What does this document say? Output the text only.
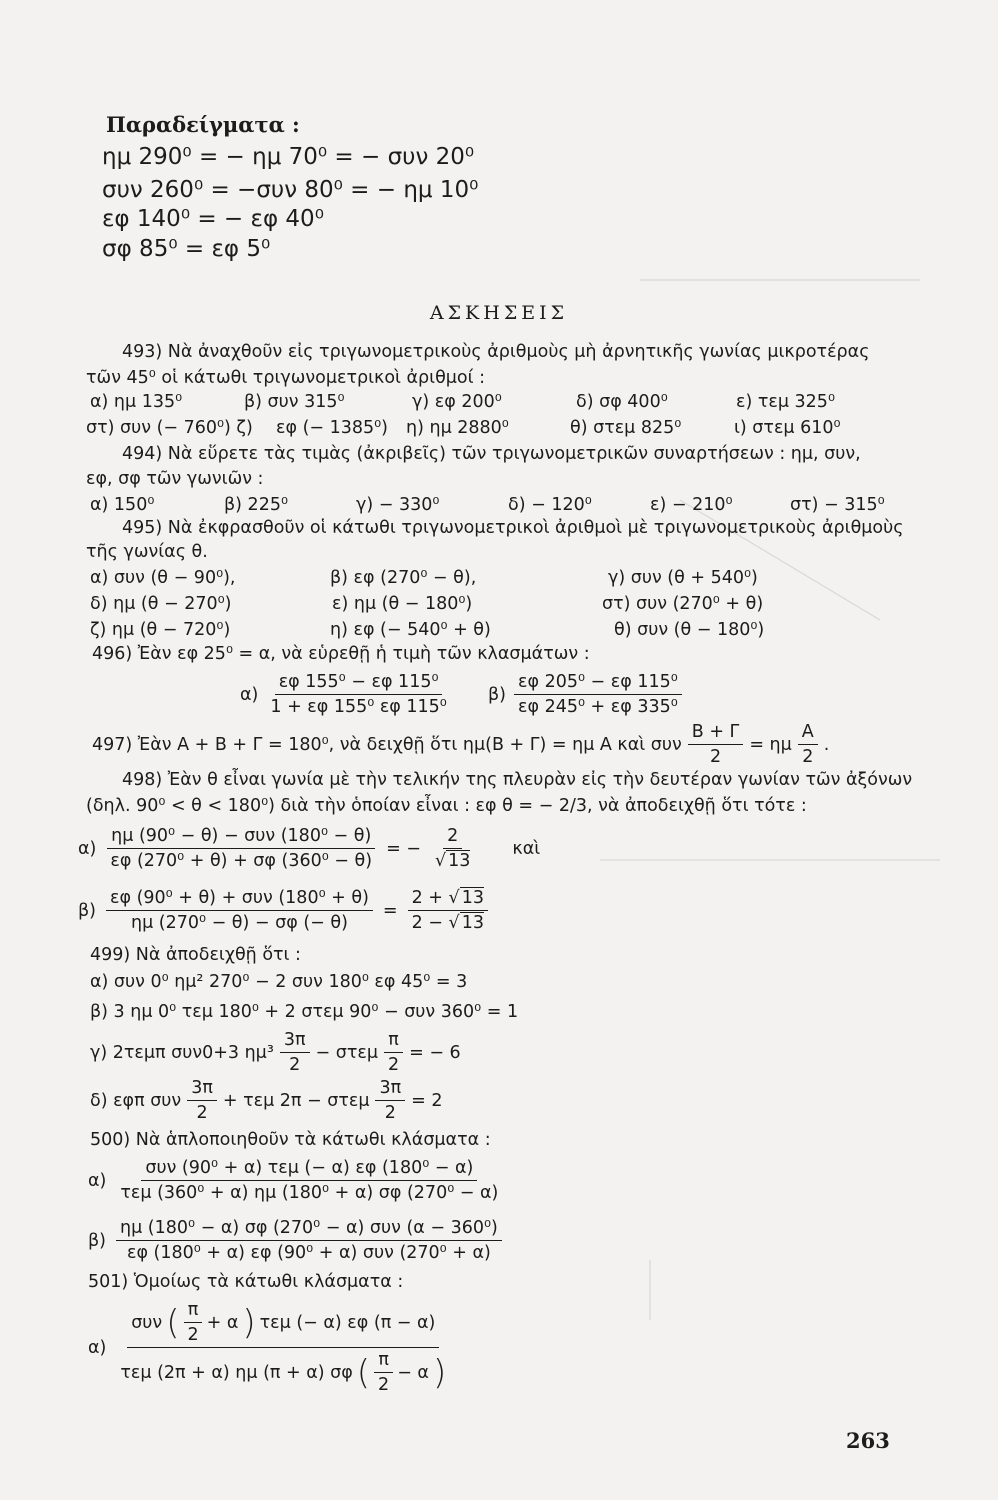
Παραδείγματα :
ημ 290⁰ = − ημ 70⁰ = − συν 20⁰
συν 260⁰ = −συν 80⁰ = − ημ 10⁰
εφ 140⁰ = − εφ 40⁰
σφ 85⁰ = εφ 5⁰
ΑΣΚΗΣΕΙΣ
493) Νὰ ἀναχθοῦν εἰς τριγωνομετρικοὺς ἀριθμοὺς μὴ ἀρνητικῆς γωνίας μικροτέρας
τῶν 45⁰ οἱ κάτωθι τριγωνομετρικοὶ ἀριθμοί :
α) ημ 135⁰	β) συν 315⁰	γ) εφ 200⁰	δ) σφ 400⁰	ε) τεμ 325⁰
στ) συν (− 760⁰) ζ) εφ (− 1385⁰) η) ημ 2880⁰	θ) στεμ 825⁰	ι) στεμ 610⁰
494) Νὰ εὕρετε τὰς τιμὰς (ἀκριβεῖς) τῶν τριγωνομετρικῶν συναρτήσεων : ημ, συν,
εφ, σφ τῶν γωνιῶν :
α) 150⁰	β) 225⁰	γ) − 330⁰	δ) − 120⁰	ε) − 210⁰	στ) − 315⁰
495) Νὰ ἐκφρασθοῦν οἱ κάτωθι τριγωνομετρικοὶ ἀριθμοὶ μὲ τριγωνομετρικοὺς ἀριθμοὺς
τῆς γωνίας θ.
α) συν (θ − 90⁰),	β) εφ (270⁰ − θ),	γ) συν (θ + 540⁰)
δ) ημ (θ − 270⁰)	ε) ημ (θ − 180⁰)	στ) συν (270⁰ + θ)
ζ) ημ (θ − 720⁰)	η) εφ (− 540⁰ + θ)	θ) συν (θ − 180⁰)
496) Ἐὰν εφ 25⁰ = α, νὰ εὑρεθῇ ἡ τιμὴ τῶν κλασμάτων :
$\alpha) \frac{\text{εφ 155⁰ − εφ 115⁰}}{\text{1 + εφ 155⁰ εφ 115⁰}} \beta) \frac{\text{εφ 205⁰ − εφ 115⁰}}{\text{εφ 245⁰ + εφ 335⁰}}$
497) Ἐὰν Α + Β + Γ = 180⁰, νὰ δειχθῇ ὅτι ημ(Β + Γ) = ημ Α καὶ συν $\frac{B + \Gamma}{2} = \eta\mu \frac{A}{2}$ .
498) Ἐὰν θ εἶναι γωνία μὲ τὴν τελικήν της πλευρὰν εἰς τὴν δευτέραν γωνίαν τῶν ἀξόνων
(δηλ. 90⁰ < θ < 180⁰) διὰ τὴν ὁποίαν εἶναι : εφ θ = − 2/3, νὰ ἀποδειχθῇ ὅτι τότε :
$\alpha) \frac{\text{ημ (90⁰ − θ) − συν (180⁰ − θ)}}{\text{εφ (270⁰ + θ) + σφ (360⁰ − θ)}}$ = − $\frac{2}{√ 13}$ καὶ
$\beta) \frac{\text{εφ (90⁰ + θ) + συν (180⁰ + θ)}}{\text{ημ (270⁰ − θ) − σφ (− θ)}} = \frac{2 + √ 13}{2 - √ 13}$
499) Νὰ ἀποδειχθῇ ὅτι :
α) συν 0⁰ ημ² 270⁰ − 2 συν 180⁰ εφ 45⁰ = 3
β) 3 ημ 0⁰ τεμ 180⁰ + 2 στεμ 90⁰ − συν 360⁰ = 1
γ) 2τεμπ συν0+3 $\eta\mu^3 \frac{3\pi}{2} - \sigma\tau\varepsilon\mu \frac{\pi}{2}$ = − 6
δ) εφπ συν $\frac{3\pi}{2} + \tau\varepsilon\mu$ 2π − στεμ $\frac{3\pi}{2} = 2$
500) Νὰ ἁπλοποιηθοῦν τὰ κάτωθι κλάσματα :
$\alpha) \frac{\text{συν (90⁰ + α) τεμ (− α) εφ (180⁰ − α)}}{\text{τεμ (360⁰ + α) ημ (180⁰ + α) σφ (270⁰ − α)}}$
$\beta) \frac{\text{ημ (180⁰ − α) σφ (270⁰ − α) συν (α − 360⁰)}}{\text{εφ (180⁰ + α) εφ (90⁰ + α) συν (270⁰ + α)}}$
501) Ὁμοίως τὰ κάτωθι κλάσματα :
α)
συν ( $\frac{\pi}{2} + \alpha$ ) τεμ (− α) εφ (π − α)
τεμ (2π + α) ημ (π + α) σφ ( $\frac{\pi}{2} - \alpha$ )
263
